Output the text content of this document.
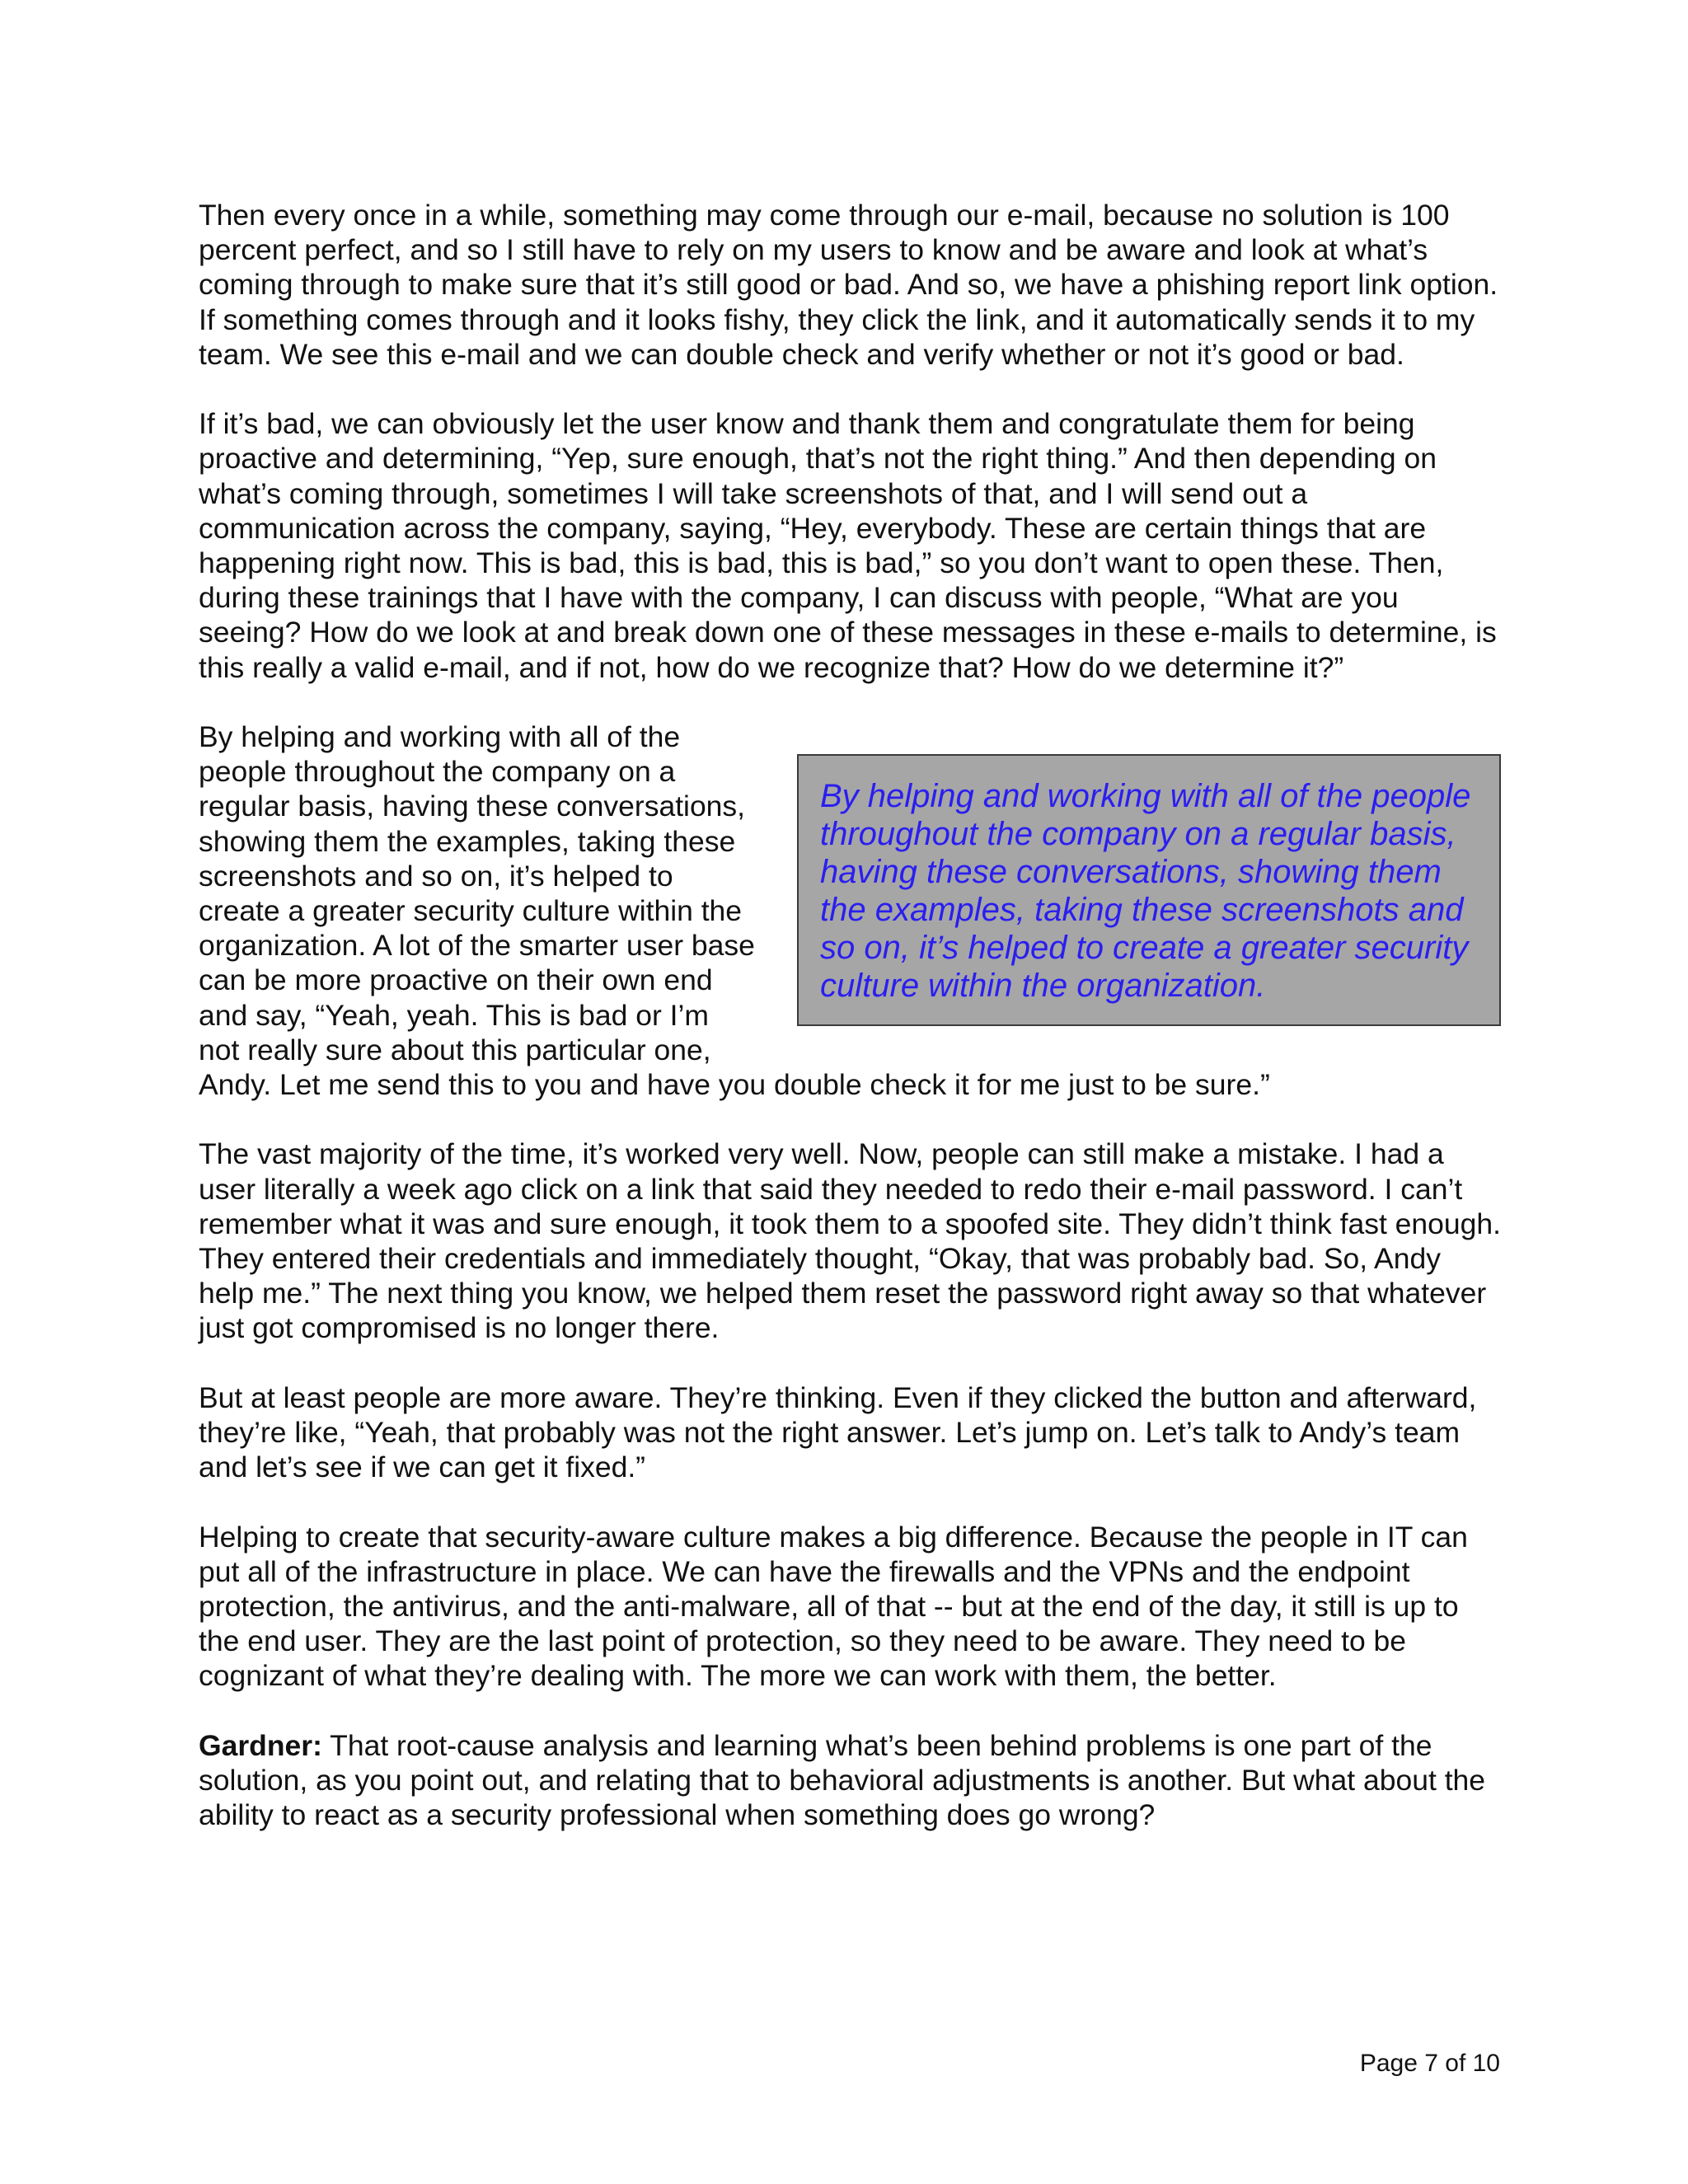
Then every once in a while, something may come through our e-mail, because no solution is 100 percent perfect, and so I still have to rely on my users to know and be aware and look at what’s coming through to make sure that it’s still good or bad. And so, we have a phishing report link option. If something comes through and it looks fishy, they click the link, and it automatically sends it to my team. We see this e-mail and we can double check and verify whether or not it’s good or bad.

If it’s bad, we can obviously let the user know and thank them and congratulate them for being proactive and determining, “Yep, sure enough, that’s not the right thing.” And then depending on what’s coming through, sometimes I will take screenshots of that, and I will send out a communication across the company, saying, “Hey, everybody. These are certain things that are happening right now. This is bad, this is bad, this is bad,” so you don’t want to open these. Then, during these trainings that I have with the company, I can discuss with people, “What are you seeing? How do we look at and break down one of these messages in these e-mails to determine, is this really a valid e-mail, and if not, how do we recognize that? How do we determine it?”

By helping and working with all of the people throughout the company on a regular basis, having these conversations, showing them the examples, taking these screenshots and so on, it’s helped to create a greater security culture within the organization.

By helping and working with all of the people throughout the company on a regular basis, having these conversations, showing them the examples, taking these screenshots and so on, it’s helped to create a greater security culture within the organization. A lot of the smarter user base can be more proactive on their own end and say, “Yeah, yeah. This is bad or I’m not really sure about this particular one, Andy. Let me send this to you and have you double check it for me just to be sure.”

The vast majority of the time, it’s worked very well. Now, people can still make a mistake. I had a user literally a week ago click on a link that said they needed to redo their e-mail password. I can’t remember what it was and sure enough, it took them to a spoofed site. They didn’t think fast enough. They entered their credentials and immediately thought, “Okay, that was probably bad. So, Andy help me.” The next thing you know, we helped them reset the password right away so that whatever just got compromised is no longer there.

But at least people are more aware. They’re thinking. Even if they clicked the button and afterward, they’re like, “Yeah, that probably was not the right answer. Let’s jump on. Let’s talk to Andy’s team and let’s see if we can get it fixed.”

Helping to create that security-aware culture makes a big difference. Because the people in IT can put all of the infrastructure in place. We can have the firewalls and the VPNs and the endpoint protection, the antivirus, and the anti-malware, all of that -- but at the end of the day, it still is up to the end user. They are the last point of protection, so they need to be aware. They need to be cognizant of what they’re dealing with. The more we can work with them, the better.

Gardner: That root-cause analysis and learning what’s been behind problems is one part of the solution, as you point out, and relating that to behavioral adjustments is another. But what about the ability to react as a security professional when something does go wrong?

Page 7 of 10
